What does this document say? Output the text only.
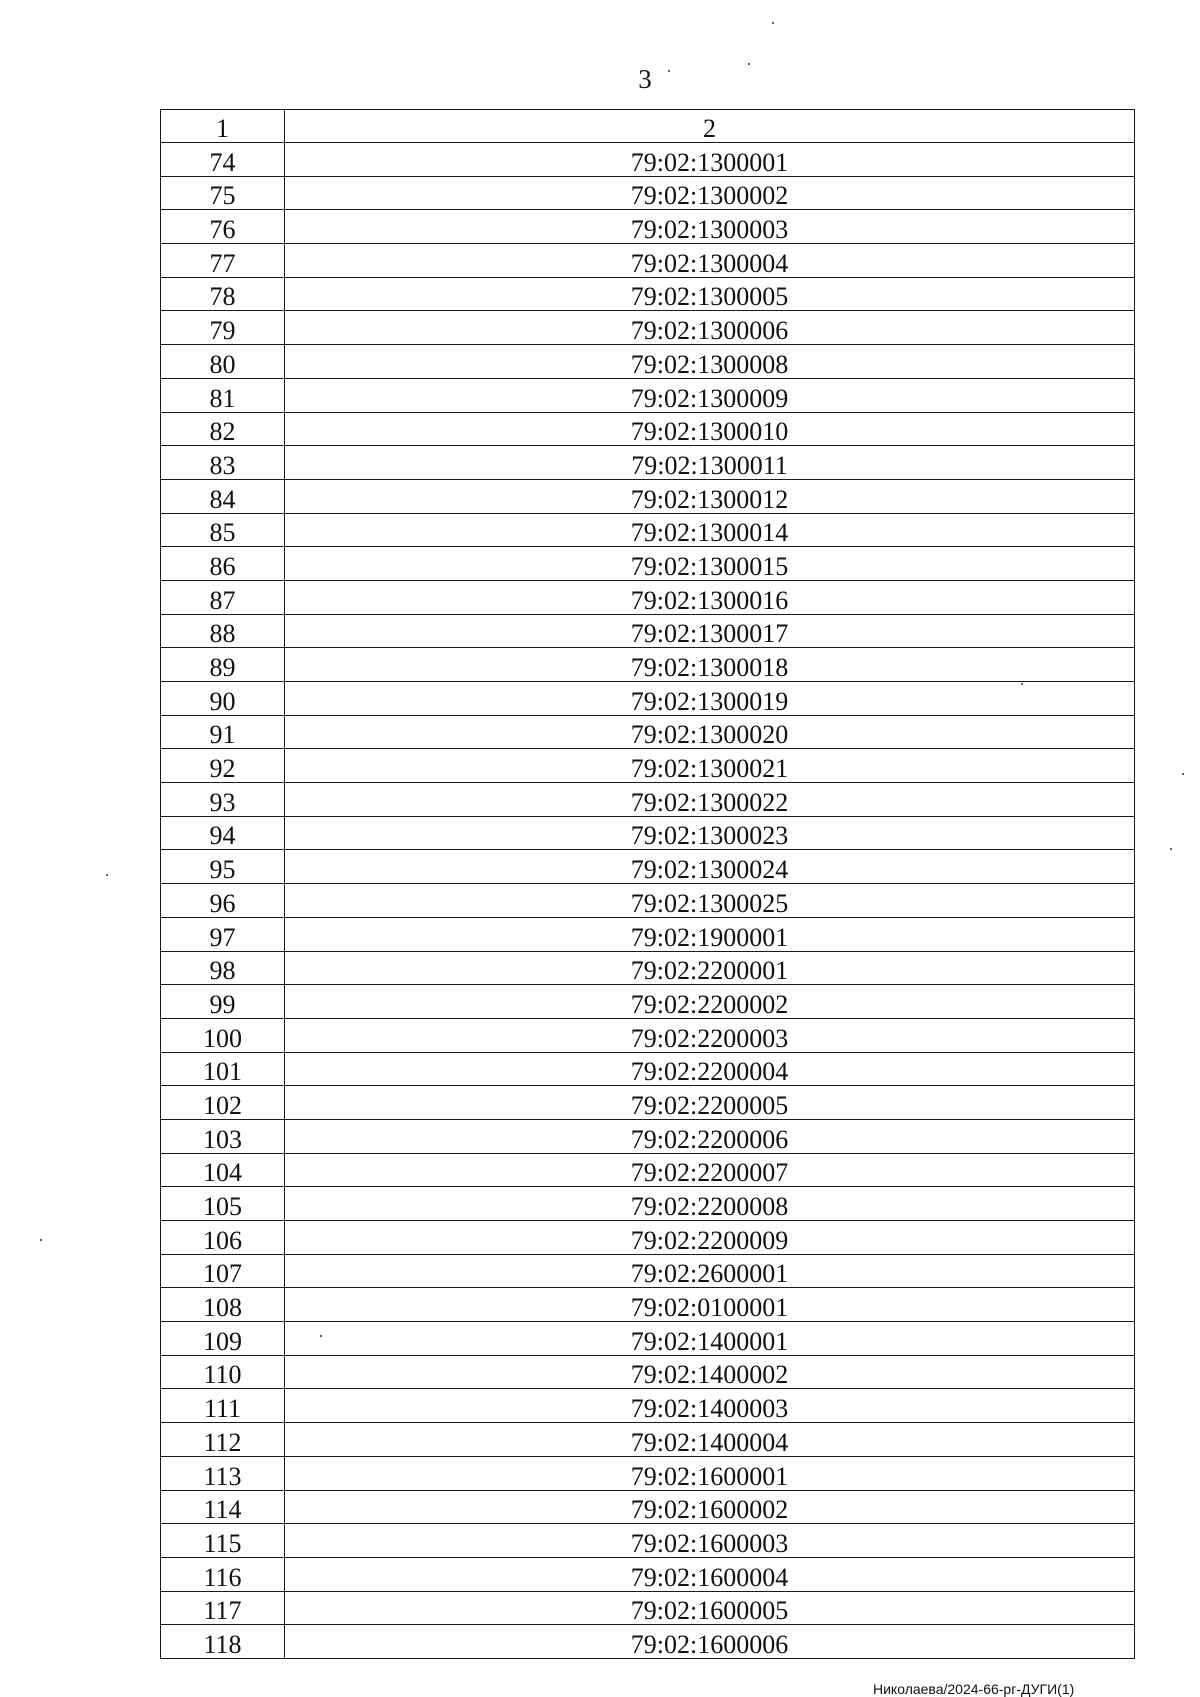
3
1	2
74	79:02:1300001
75	79:02:1300002
76	79:02:1300003
77	79:02:1300004
78	79:02:1300005
79	79:02:1300006
80	79:02:1300008
81	79:02:1300009
82	79:02:1300010
83	79:02:1300011
84	79:02:1300012
85	79:02:1300014
86	79:02:1300015
87	79:02:1300016
88	79:02:1300017
89	79:02:1300018
90	79:02:1300019
91	79:02:1300020
92	79:02:1300021
93	79:02:1300022
94	79:02:1300023
95	79:02:1300024
96	79:02:1300025
97	79:02:1900001
98	79:02:2200001
99	79:02:2200002
100	79:02:2200003
101	79:02:2200004
102	79:02:2200005
103	79:02:2200006
104	79:02:2200007
105	79:02:2200008
106	79:02:2200009
107	79:02:2600001
108	79:02:0100001
109	79:02:1400001
110	79:02:1400002
111	79:02:1400003
112	79:02:1400004
113	79:02:1600001
114	79:02:1600002
115	79:02:1600003
116	79:02:1600004
117	79:02:1600005
118	79:02:1600006
Николаева/2024-66-рг-ДУГИ(1)
